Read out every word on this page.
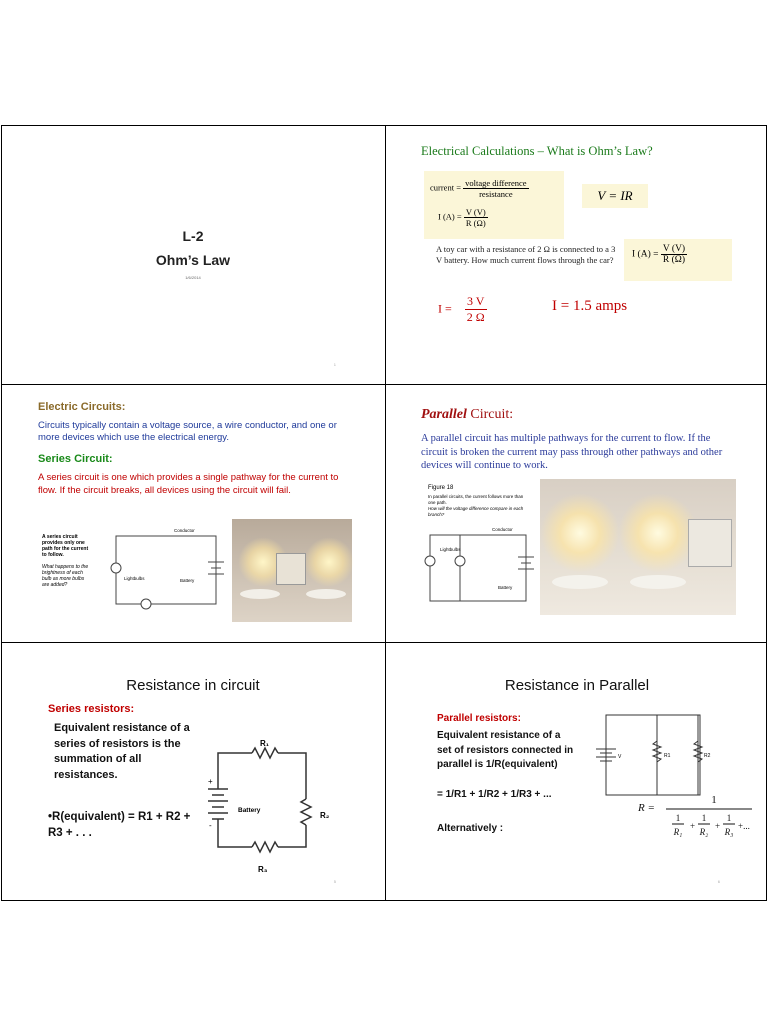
L-2
Ohm’s Law
1/6/2014
1
Electrical Calculations – What is Ohm’s Law?
current = $\frac{\text{voltage difference}}{\text{resistance}}$
I $(A) = \frac{V (V)}{R (\Omega)}$
V = IR
A toy car with a resistance of 2 Ω is connected to a 3 V battery. How much current flows through the car?
I $(A) = \frac{V (V)}{R (\Omega)}$
$I = \frac{3 V}{2 \Omega}$	I = 1.5 amps
Electric Circuits:
Circuits typically contain a voltage source, a wire conductor, and one or more devices which use the electrical energy.
Series Circuit:
A series circuit is one which provides a single pathway for the current to flow. If the circuit breaks, all devices using the circuit will fail.
A series circuit provides only one path for the current to follow.
What happens to the brightness of each bulb as more bulbs are added?
Conductor
Lightbulbs	Battery
Parallel Circuit:
A parallel circuit has multiple pathways for the current to flow. If the circuit is broken the current may pass through other pathways and other devices will continue to work.
Figure 18
In parallel circuits, the current follows more than one path.
How will the voltage difference compare in each branch?
Conductor
Lightbulbs
Battery
Resistance in circuit
Series resistors:
Equivalent resistance of a series of resistors is the summation of all resistances.
•R(equivalent) = R1 + R2 + R3 + . . .
R₁
R₂
R₃
Battery
+
-
5
Resistance in Parallel
Parallel resistors:
Equivalent resistance of a set of resistors connected in parallel is 1/R(equivalent)
= 1/R1 + 1/R2 + 1/R3 + ...
Alternatively :
R =
1
1
R₁
+
1
R₂
+
1
R₃
+...
V	R1	R2
6
